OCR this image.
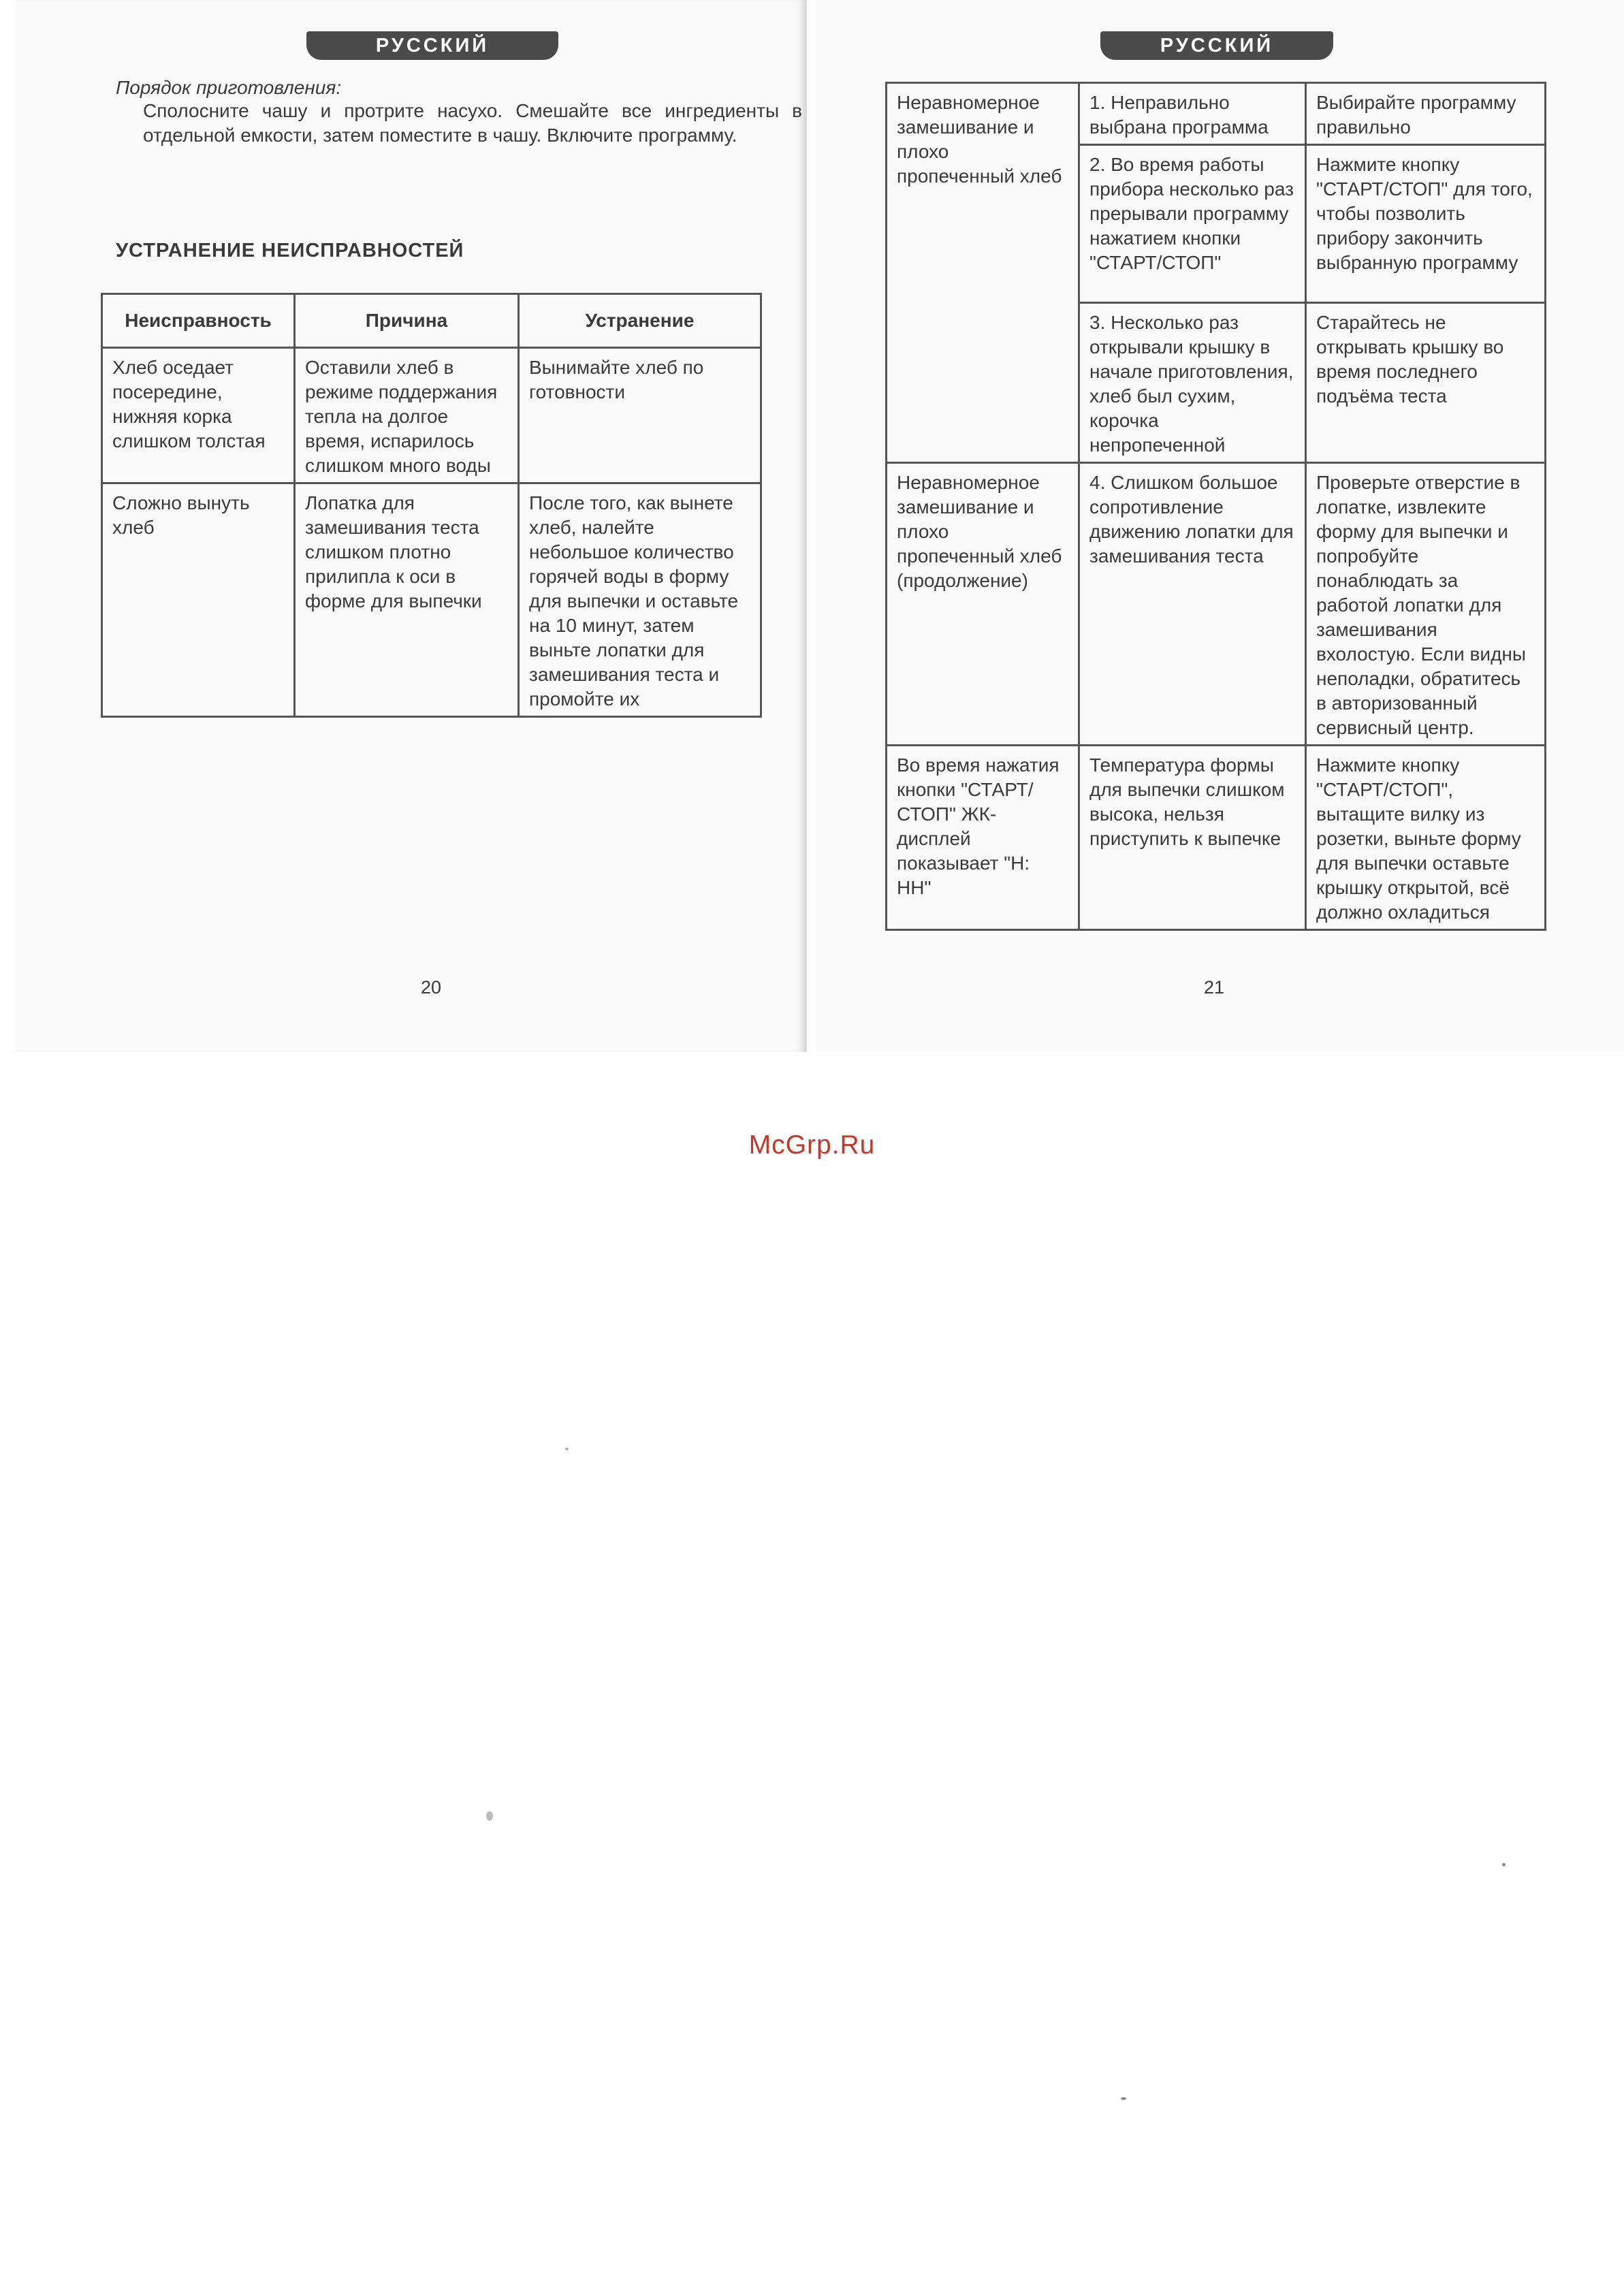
РУССКИЙ
Порядок приготовления:
Сполосните чашу и протрите насухо. Смешайте все ингредиенты в отдельной емкости, затем поместите в чашу. Включите программу.
УСТРАНЕНИЕ НЕИСПРАВНОСТЕЙ
Неисправность	Причина	Устранение
Хлеб оседает посередине, нижняя корка слишком толстая	Оставили хлеб в режиме поддержания тепла на долгое время, испарилось слишком много воды	Вынимайте хлеб по готовности
Сложно вынуть хлеб	Лопатка для замешивания теста слишком плотно прилипла к оси в форме для выпечки	После того, как вынете хлеб, налейте небольшое количество горячей воды в форму для выпечки и оставьте на 10 минут, затем выньте лопатки для замешивания теста и промойте их
20
РУССКИЙ
Неравномерное замешивание и плохо пропеченный хлеб	1. Неправильно выбрана программа	Выбирайте программу правильно
	2. Во время работы прибора несколько раз прерывали программу нажатием кнопки "СТАРТ/СТОП"	Нажмите кнопку "СТАРТ/СТОП" для того, чтобы позволить прибору закончить выбранную программу
	3. Несколько раз открывали крышку в начале приготовления, хлеб был сухим, корочка непропеченной	Старайтесь не открывать крышку во время последнего подъёма теста
Неравномерное замешивание и плохо пропеченный хлеб (продолжение)	4. Слишком большое сопротивление движению лопатки для замешивания теста	Проверьте отверстие в лопатке, извлеките форму для выпечки и попробуйте понаблюдать за работой лопатки для замешивания вхолостую. Если видны неполадки, обратитесь в авторизованный сервисный центр.
Во время нажатия кнопки "СТАРТ/СТОП" ЖК-дисплей показывает "Н: НН"	Температура формы для выпечки слишком высока, нельзя приступить к выпечке	Нажмите кнопку "СТАРТ/СТОП", вытащите вилку из розетки, выньте форму для выпечки оставьте крышку открытой, всё должно охладиться
21
McGrp.Ru
